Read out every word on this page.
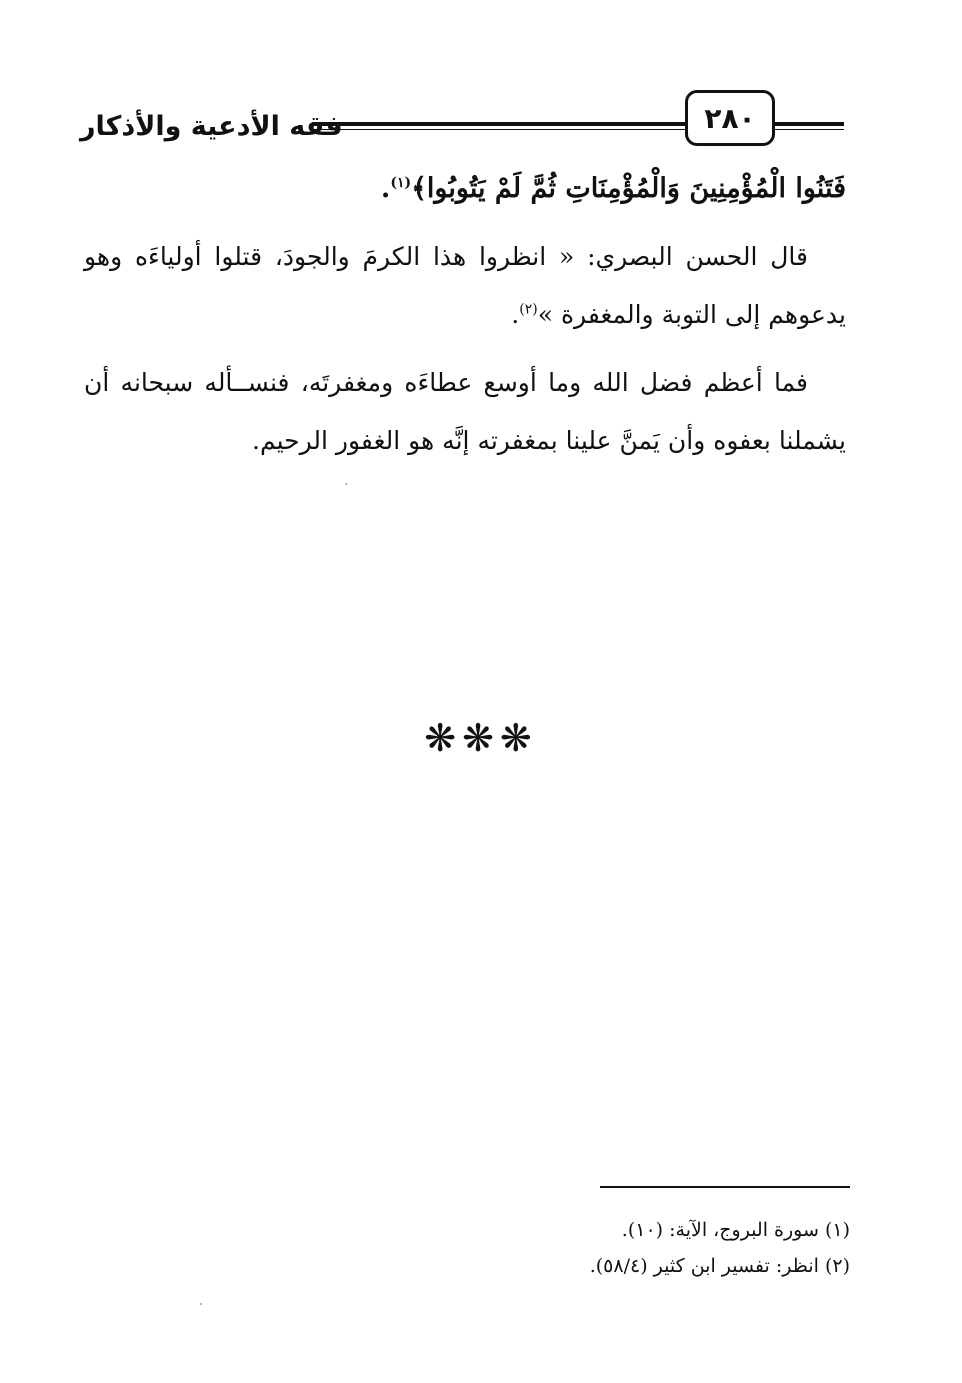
فقه الأدعية والأذكار	٢٨٠

فَتَنُوا الْمُؤْمِنِينَ وَالْمُؤْمِنَاتِ ثُمَّ لَمْ يَتُوبُوا﴾$^{(١)}$.

قال الحسن البصري: « انظروا هذا الكرمَ والجودَ، قتلوا أولياءَه وهو يدعوهم إلى التوبة والمغفرة »$^{(٢)}$.

فما أعظم فضل الله وما أوسع عطاءَه ومغفرتَه، فنســأله سبحانه أن يشملنا بعفوه وأن يَمنَّ علينا بمغفرته إنَّه هو الغفور الرحيم.

❋❋❋

(١) سورة البروج، الآية: (١٠).

(٢) انظر: تفسير ابن كثير (٥٨/٤).
